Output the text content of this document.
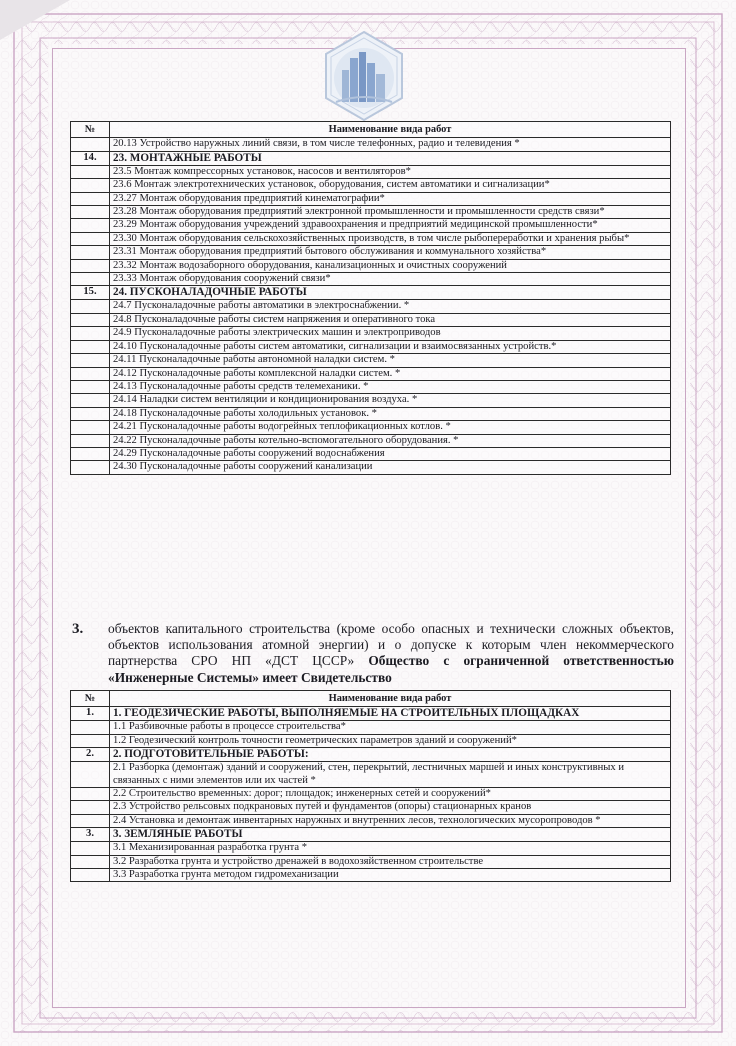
№	Наименование вида работ
	20.13 Устройство наружных линий связи, в том числе телефонных, радио и телевидения *
14.	23. МОНТАЖНЫЕ РАБОТЫ

	23.5 Монтаж компрессорных установок, насосов и вентиляторов*
	23.6 Монтаж электротехнических установок, оборудования, систем автоматики и сигнализации*
	23.27 Монтаж оборудования предприятий кинематографии*
	23.28 Монтаж оборудования предприятий электронной промышленности и промышленности средств связи*
	23.29 Монтаж оборудования учреждений здравоохранения и предприятий медицинской промышленности*
	23.30 Монтаж оборудования сельскохозяйственных производств, в том числе рыбопереработки и хранения рыбы*
	23.31 Монтаж оборудования предприятий бытового обслуживания и коммунального хозяйства*
	23.32 Монтаж водозаборного оборудования, канализационных и очистных сооружений
	23.33 Монтаж оборудования сооружений связи*
15.	24. ПУСКОНАЛАДОЧНЫЕ РАБОТЫ

	24.7 Пусконаладочные работы автоматики в электроснабжении. *
	24.8 Пусконаладочные работы систем напряжения и оперативного тока
	24.9 Пусконаладочные работы электрических машин и электроприводов
	24.10 Пусконаладочные работы систем автоматики, сигнализации и взаимосвязанных устройств.*
	24.11 Пусконаладочные работы автономной наладки систем. *
	24.12 Пусконаладочные работы комплексной наладки систем. *
	24.13 Пусконаладочные работы средств телемеханики. *
	24.14 Наладки систем вентиляции и кондиционирования воздуха. *
	24.18 Пусконаладочные работы холодильных установок. *
	24.21 Пусконаладочные работы водогрейных теплофикационных котлов. *
	24.22 Пусконаладочные работы котельно-вспомогательного оборудования. *
	24.29 Пусконаладочные работы сооружений водоснабжения
	24.30 Пусконаладочные работы сооружений канализации
3. объектов капитального строительства (кроме особо опасных и технически сложных объектов, объектов использования атомной энергии) и о допуске к которым член некоммерческого партнерства СРО НП «ДСТ ЦССР» Общество с ограниченной ответственностью «Инженерные Системы» имеет Свидетельство
№	Наименование вида работ
1.	1. ГЕОДЕЗИЧЕСКИЕ РАБОТЫ, ВЫПОЛНЯЕМЫЕ НА СТРОИТЕЛЬНЫХ ПЛОЩАДКАХ

	1.1 Разбивочные работы в процессе строительства*
	1.2 Геодезический контроль точности геометрических параметров зданий и сооружений*
2.	2. ПОДГОТОВИТЕЛЬНЫЕ РАБОТЫ:

	2.1 Разборка (демонтаж) зданий и сооружений, стен, перекрытий, лестничных маршей и иных конструктивных и связанных с ними элементов или их частей *
	2.2 Строительство временных: дорог; площадок; инженерных сетей и сооружений*
	2.3 Устройство рельсовых подкрановых путей и фундаментов (опоры) стационарных кранов
	2.4 Установка и демонтаж инвентарных наружных и внутренних лесов, технологических мусоропроводов *
3.	3. ЗЕМЛЯНЫЕ РАБОТЫ

	3.1 Механизированная разработка грунта *
	3.2 Разработка грунта и устройство дренажей в водохозяйственном строительстве
	3.3 Разработка грунта методом гидромеханизации
